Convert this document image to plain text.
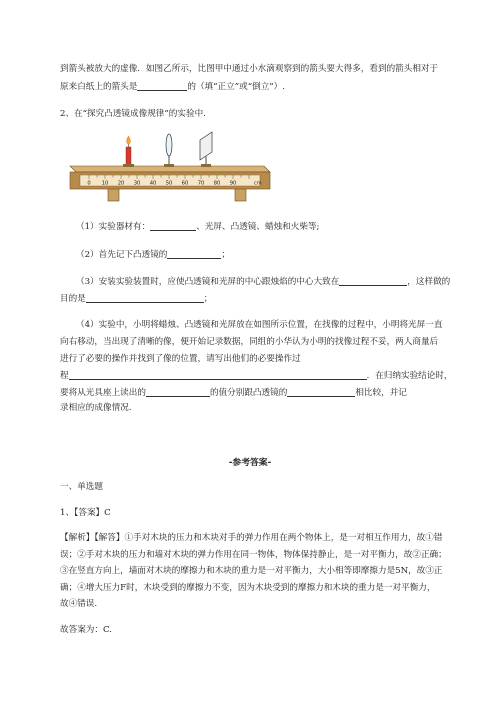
到箭头被放大的虚像．如图乙所示，比图甲中通过小水滴观察到的箭头要大得多，看到的箭头相对于
原来白纸上的箭头是	的（填“正立”或“倒立”）.
2、在“探究凸透镜成像规律”的实验中.
0 10 20 30 40 50 60 70 80 90	cm
（1）实验器材有：	、光屏、凸透镜、蜡烛和火柴等;
（2）首先记下凸透镜的	；
（3）安装实验装置时，应使凸透镜和光屏的中心跟烛焰的中心大致在	，这样做的
目的是	；
（4）实验中，小明将蜡烛、凸透镜和光屏放在如图所示位置，在找像的过程中，小明将光屏一直
向右移动，当出现了清晰的像，便开始记录数据，同组的小华认为小明的找像过程不妥，两人商量后
进行了必要的操作并找到了像的位置，请写出他们的必要操作过
程	．在归纳实验结论时，
要将从光具座上读出的	的值分别跟凸透镜的	相比较，并记
录相应的成像情况.
-参考答案-
一、单选题
1、【答案】C
【解析】【解答】①手对木块的压力和木块对手的弹力作用在两个物体上，是一对相互作用力，故①错
误；②手对木块的压力和墙对木块的弹力作用在同一物体，物体保持静止，是一对平衡力，故②正确；
③在竖直方向上，墙面对木块的摩擦力和木块的重力是一对平衡力，大小相等即摩擦力是5N，故③正
确；④增大压力F时，木块受到的摩擦力不变，因为木块受到的摩擦力和木块的重力是一对平衡力，
故④错误.
故答案为：C.
